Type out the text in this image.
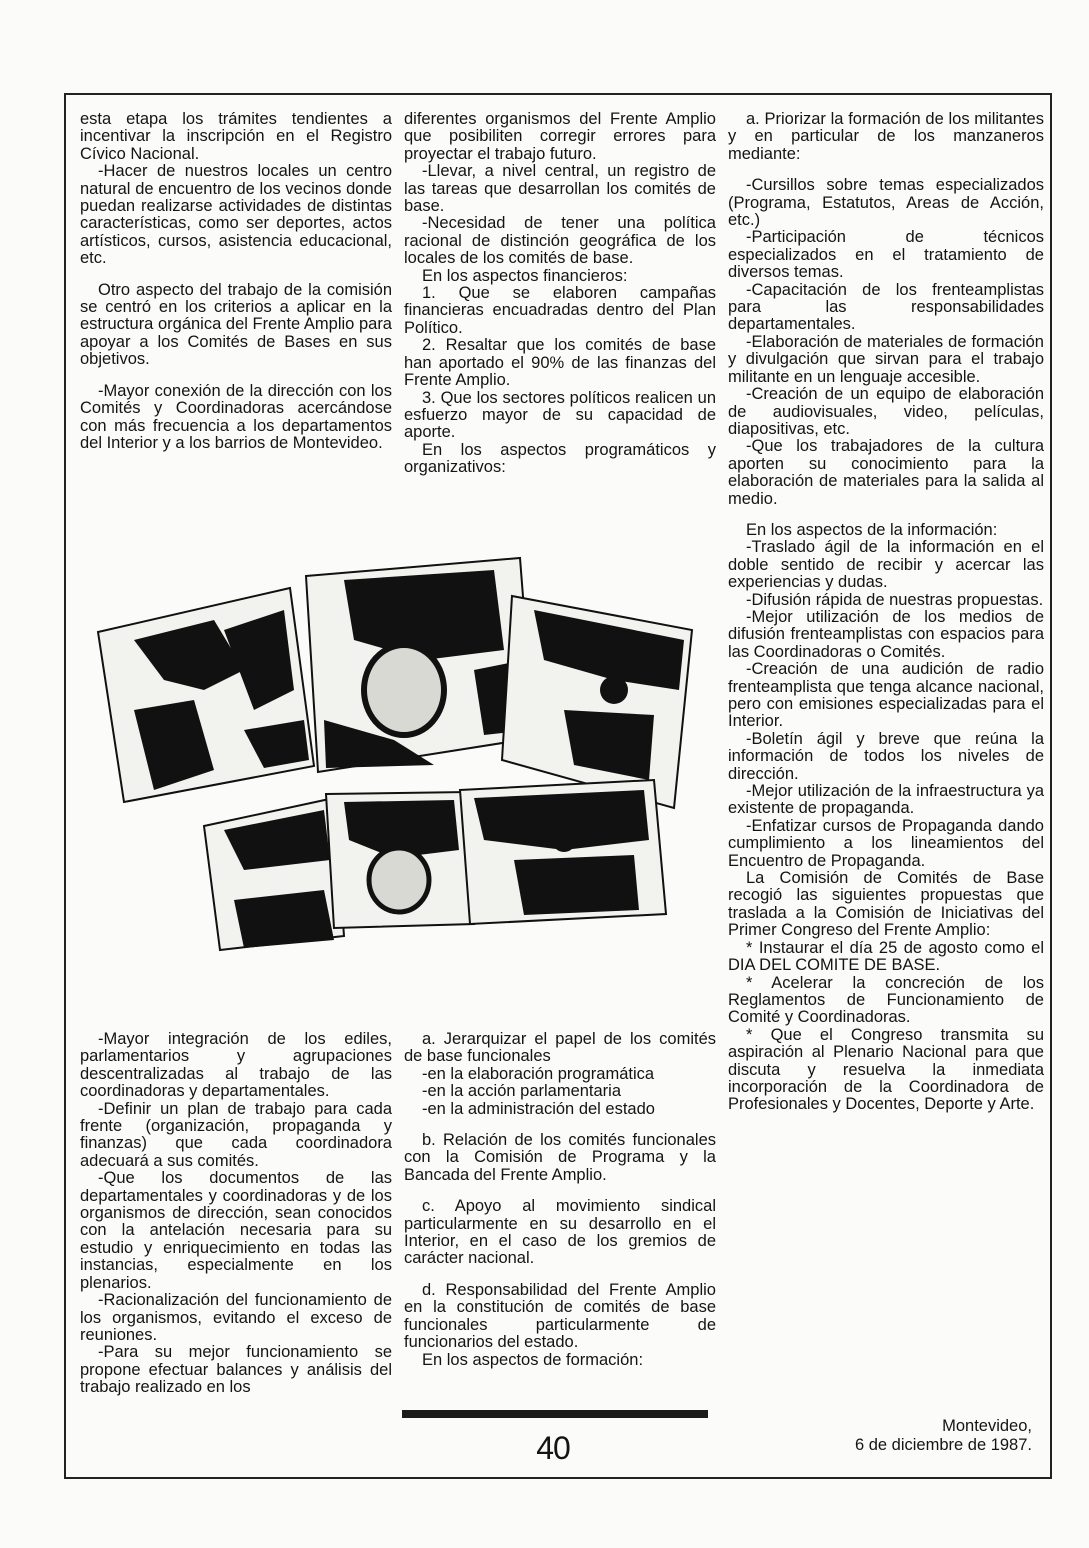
esta etapa los trámites tendientes a incentivar la inscripción en el Registro Cívico Nacional.

-Hacer de nuestros locales un centro natural de encuentro de los vecinos donde puedan realizarse actividades de distintas características, como ser deportes, actos artísticos, cursos, asistencia educacional, etc.

Otro aspecto del trabajo de la comisión se centró en los criterios a aplicar en la estructura orgánica del Frente Amplio para apoyar a los Comités de Bases en sus objetivos.

-Mayor conexión de la dirección con los Comités y Coordinadoras acercándose con más frecuencia a los departamentos del Interior y a los barrios de Montevideo.

diferentes organismos del Frente Amplio que posibiliten corregir errores para proyectar el trabajo futuro.

-Llevar, a nivel central, un registro de las tareas que desarrollan los comités de base.

-Necesidad de tener una política racional de distinción geográfica de los locales de los comités de base.

En los aspectos financieros:

1. Que se elaboren campañas financieras encuadradas dentro del Plan Político.

2. Resaltar que los comités de base han aportado el 90% de las finanzas del Frente Amplio.

3. Que los sectores políticos realicen un esfuerzo mayor de su capacidad de aporte.

En los aspectos programáticos y organizativos:

a. Priorizar la formación de los militantes y en particular de los manzaneros mediante:

-Cursillos sobre temas especializados (Programa, Estatutos, Areas de Acción, etc.)

-Participación de técnicos especializados en el tratamiento de diversos temas.

-Capacitación de los frenteamplistas para las responsabilidades departamentales.

-Elaboración de materiales de formación y divulgación que sirvan para el trabajo militante en un lenguaje accesible.

-Creación de un equipo de elaboración de audiovisuales, video, películas, diapositivas, etc.

-Que los trabajadores de la cultura aporten su conocimiento para la elaboración de materiales para la salida al medio.

En los aspectos de la información:

-Traslado ágil de la información en el doble sentido de recibir y acercar las experiencias y dudas.

-Difusión rápida de nuestras propuestas.

-Mejor utilización de los medios de difusión frenteamplistas con espacios para las Coordinadoras o Comités.

-Creación de una audición de radio frenteamplista que tenga alcance nacional, pero con emisiones especializadas para el Interior.

-Boletín ágil y breve que reúna la información de todos los niveles de dirección.

-Mejor utilización de la infraestructura ya existente de propaganda.

-Enfatizar cursos de Propaganda dando cumplimiento a los lineamientos del Encuentro de Propaganda.

La Comisión de Comités de Base recogió las siguientes propuestas que traslada a la Comisión de Iniciativas del Primer Congreso del Frente Amplio:

* Instaurar el día 25 de agosto como el DIA DEL COMITE DE BASE.

* Acelerar la concreción de los Reglamentos de Funcionamiento de Comité y Coordinadoras.

* Que el Congreso transmita su aspiración al Plenario Nacional para que discuta y resuelva la inmediata incorporación de la Coordinadora de Profesionales y Docentes, Deporte y Arte.

-Mayor integración de los ediles, parlamentarios y agrupaciones descentralizadas al trabajo de las coordinadoras y departamentales.

-Definir un plan de trabajo para cada frente (organización, propaganda y finanzas) que cada coordinadora adecuará a sus comités.

-Que los documentos de las departamentales y coordinadoras y de los organismos de dirección, sean conocidos con la antelación necesaria para su estudio y enriquecimiento en todas las instancias, especialmente en los plenarios.

-Racionalización del funcionamiento de los organismos, evitando el exceso de reuniones.

-Para su mejor funcionamiento se propone efectuar balances y análisis del trabajo realizado en los

a. Jerarquizar el papel de los comités de base funcionales

-en la elaboración programática

-en la acción parlamentaria

-en la administración del estado

b. Relación de los comités funcionales con la Comisión de Programa y la Bancada del Frente Amplio.

c. Apoyo al movimiento sindical particularmente en su desarrollo en el Interior, en el caso de los gremios de carácter nacional.

d. Responsabilidad del Frente Amplio en la constitución de comités de base funcionales particularmente de funcionarios del estado.

En los aspectos de formación:

40
Montevideo,
6 de diciembre de 1987.
